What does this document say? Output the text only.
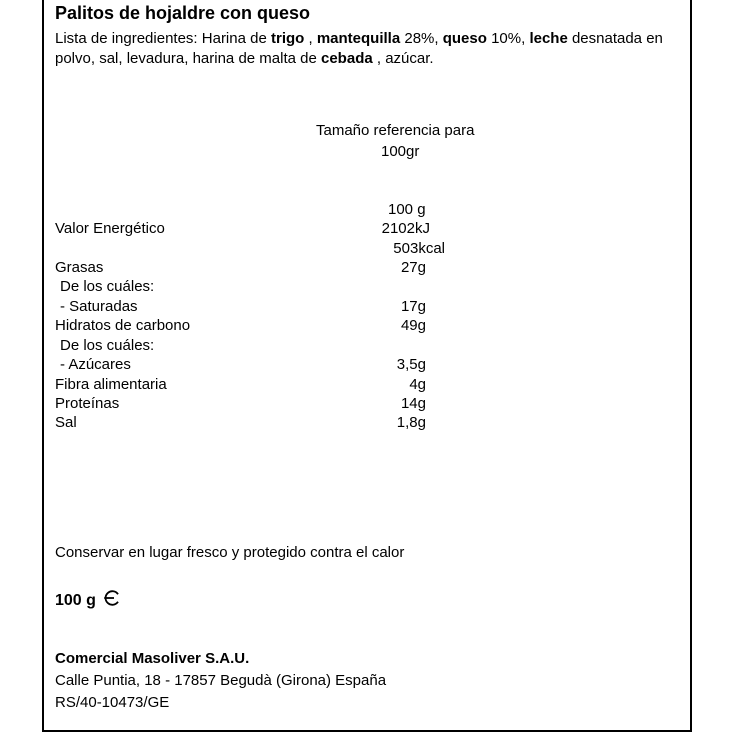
Palitos de hojaldre con queso
Lista de ingredientes: Harina de trigo , mantequilla 28%, queso 10%, leche desnatada en polvo, sal, levadura, harina de malta de cebada , azúcar.
Tamaño referencia para
100gr
100 g
Valor Energético	2102kJ
503kcal
Grasas	27g
De los cuáles:
- Saturadas	17g
Hidratos de carbono	49g
De los cuáles:
- Azúcares	3,5g
Fibra alimentaria	4g
Proteínas	14g
Sal	1,8g
Conservar en lugar fresco y protegido contra el calor
100 g
Comercial Masoliver S.A.U.
Calle Puntia, 18 - 17857 Begudà (Girona) España
RS/40-10473/GE
